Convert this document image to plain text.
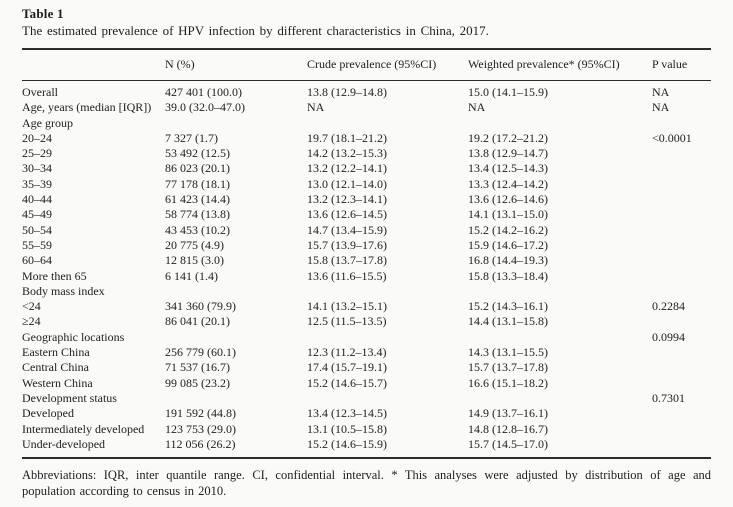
Table 1
The estimated prevalence of HPV infection by different characteristics in China, 2017.
	N (%)	Crude prevalence (95%CI)	Weighted prevalence* (95%CI)	P value
Overall	427 401 (100.0)	13.8 (12.9–14.8)	15.0 (14.1–15.9)	NA
Age, years (median [IQR])	39.0 (32.0–47.0)	NA	NA	NA
Age group				
20–24	7 327 (1.7)	19.7 (18.1–21.2)	19.2 (17.2–21.2)	<0.0001
25–29	53 492 (12.5)	14.2 (13.2–15.3)	13.8 (12.9–14.7)	
30–34	86 023 (20.1)	13.2 (12.2–14.1)	13.4 (12.5–14.3)	
35–39	77 178 (18.1)	13.0 (12.1–14.0)	13.3 (12.4–14.2)	
40–44	61 423 (14.4)	13.2 (12.3–14.1)	13.6 (12.6–14.6)	
45–49	58 774 (13.8)	13.6 (12.6–14.5)	14.1 (13.1–15.0)	
50–54	43 453 (10.2)	14.7 (13.4–15.9)	15.2 (14.2–16.2)	
55–59	20 775 (4.9)	15.7 (13.9–17.6)	15.9 (14.6–17.2)	
60–64	12 815 (3.0)	15.8 (13.7–17.8)	16.8 (14.4–19.3)	
More then 65	6 141 (1.4)	13.6 (11.6–15.5)	15.8 (13.3–18.4)	
Body mass index				
<24	341 360 (79.9)	14.1 (13.2–15.1)	15.2 (14.3–16.1)	0.2284
≥24	86 041 (20.1)	12.5 (11.5–13.5)	14.4 (13.1–15.8)	
Geographic locations				0.0994
Eastern China	256 779 (60.1)	12.3 (11.2–13.4)	14.3 (13.1–15.5)	
Central China	71 537 (16.7)	17.4 (15.7–19.1)	15.7 (13.7–17.8)	
Western China	99 085 (23.2)	15.2 (14.6–15.7)	16.6 (15.1–18.2)	
Development status				0.7301
Developed	191 592 (44.8)	13.4 (12.3–14.5)	14.9 (13.7–16.1)	
Intermediately developed	123 753 (29.0)	13.1 (10.5–15.8)	14.8 (12.8–16.7)	
Under-developed	112 056 (26.2)	15.2 (14.6–15.9)	15.7 (14.5–17.0)	
Abbreviations: IQR, inter quantile range. CI, confidential interval. * This analyses were adjusted by distribution of age and population according to census in 2010.
